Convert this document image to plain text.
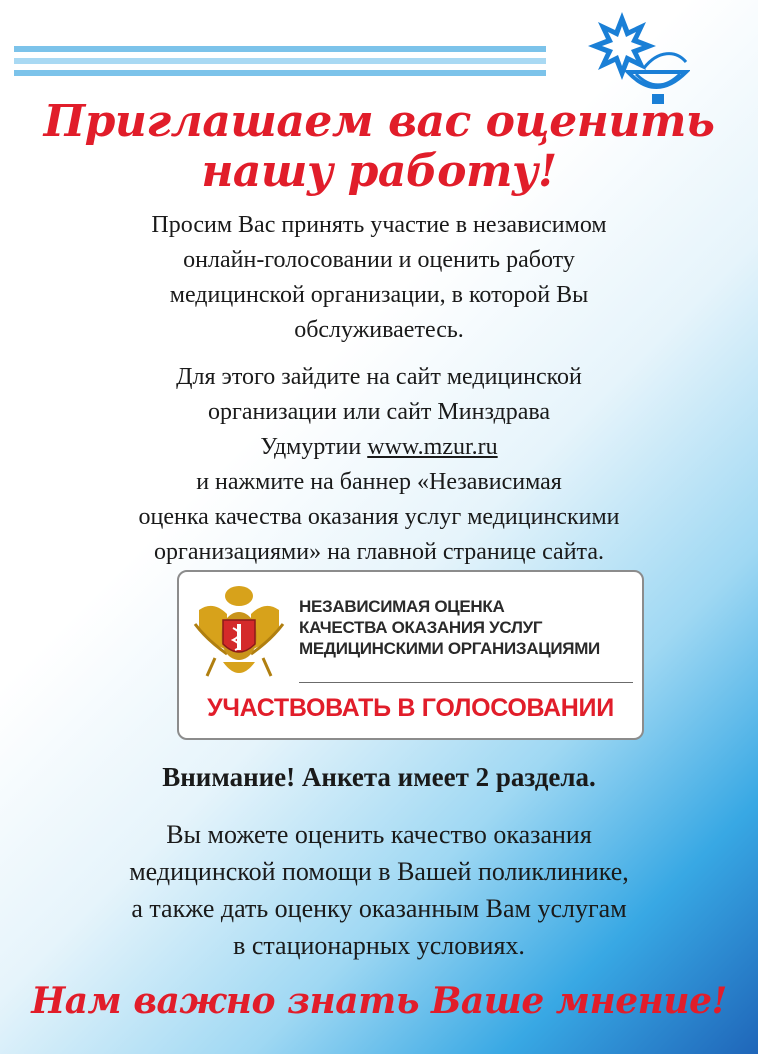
Приглашаем вас оценить
нашу работу!
Просим Вас принять участие в независимом
онлайн-голосовании и оценить работу
медицинской организации, в которой Вы
обслуживаетесь.
Для этого зайдите на сайт медицинской
организации или сайт Минздрава
Удмуртии www.mzur.ru
и нажмите на баннер «Независимая
оценка качества оказания услуг медицинскими
организациями» на главной странице сайта.
НЕЗАВИСИМАЯ ОЦЕНКА
КАЧЕСТВА ОКАЗАНИЯ УСЛУГ
МЕДИЦИНСКИМИ ОРГАНИЗАЦИЯМИ
УЧАСТВОВАТЬ В ГОЛОСОВАНИИ
Внимание! Анкета имеет 2 раздела.
Вы можете оценить качество оказания
медицинской помощи в Вашей поликлинике,
а также дать оценку оказанным Вам услугам
в стационарных условиях.
Нам важно знать Ваше мнение!
